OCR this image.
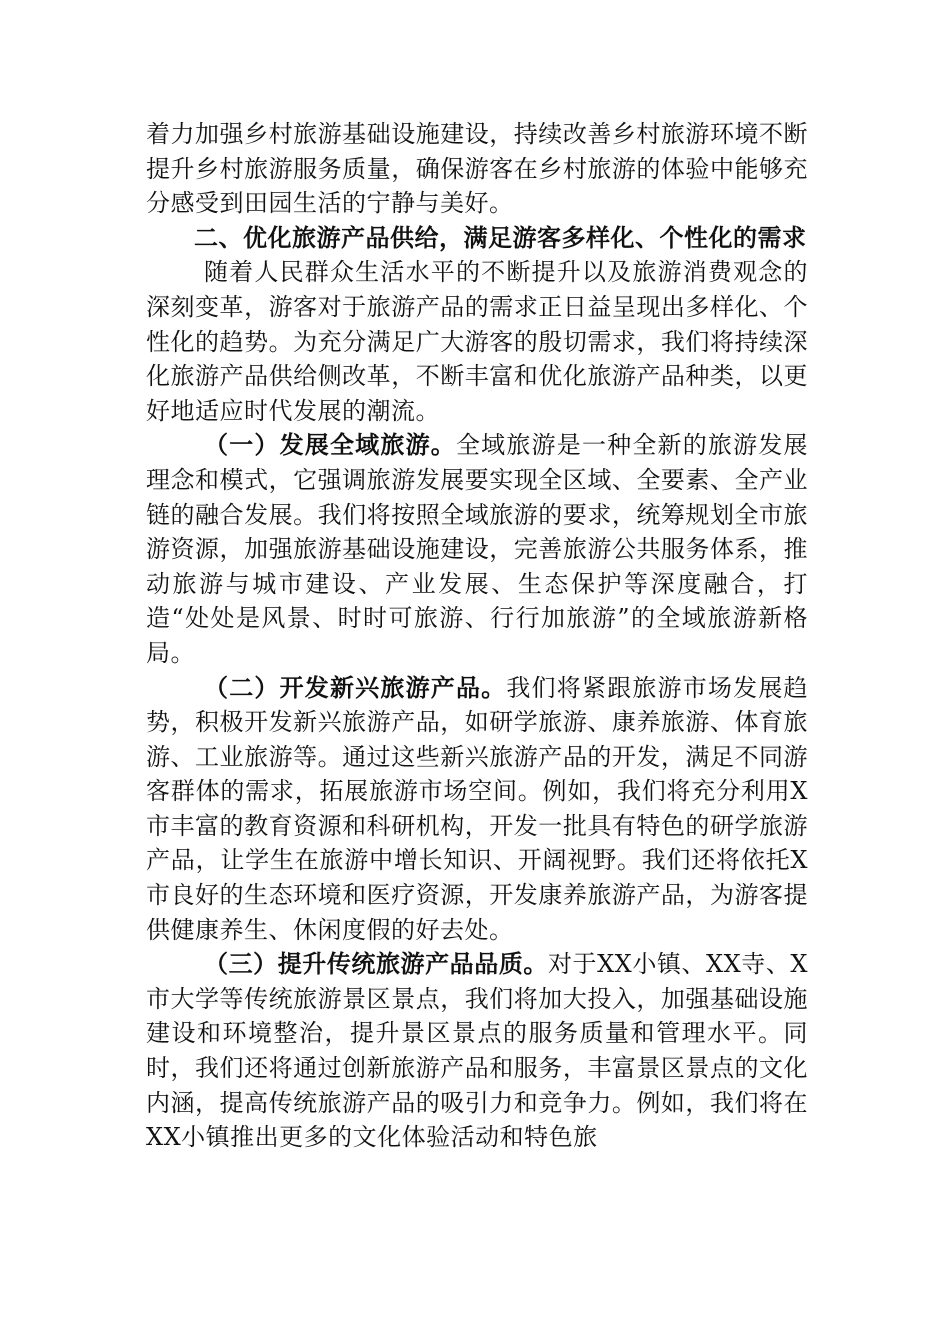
着力加强乡村旅游基础设施建设，持续改善乡村旅游环境不断提升乡村旅游服务质量，确保游客在乡村旅游的体验中能够充分感受到田园生活的宁静与美好。

二、优化旅游产品供给，满足游客多样化、个性化的需求

随着人民群众生活水平的不断提升以及旅游消费观念的深刻变革，游客对于旅游产品的需求正日益呈现出多样化、个性化的趋势。为充分满足广大游客的殷切需求，我们将持续深化旅游产品供给侧改革，不断丰富和优化旅游产品种类，以更好地适应时代发展的潮流。

（一）发展全域旅游。全域旅游是一种全新的旅游发展理念和模式，它强调旅游发展要实现全区域、全要素、全产业链的融合发展。我们将按照全域旅游的要求，统筹规划全市旅游资源，加强旅游基础设施建设，完善旅游公共服务体系，推动旅游与城市建设、产业发展、生态保护等深度融合，打造“处处是风景、时时可旅游、行行加旅游”的全域旅游新格局。

（二）开发新兴旅游产品。我们将紧跟旅游市场发展趋势，积极开发新兴旅游产品，如研学旅游、康养旅游、体育旅游、工业旅游等。通过这些新兴旅游产品的开发，满足不同游客群体的需求，拓展旅游市场空间。例如，我们将充分利用X市丰富的教育资源和科研机构，开发一批具有特色的研学旅游产品，让学生在旅游中增长知识、开阔视野。我们还将依托X市良好的生态环境和医疗资源，开发康养旅游产品，为游客提供健康养生、休闲度假的好去处。

（三）提升传统旅游产品品质。对于XX小镇、XX寺、X市大学等传统旅游景区景点，我们将加大投入，加强基础设施建设和环境整治，提升景区景点的服务质量和管理水平。同时，我们还将通过创新旅游产品和服务，丰富景区景点的文化内涵，提高传统旅游产品的吸引力和竞争力。例如，我们将在XX小镇推出更多的文化体验活动和特色旅
